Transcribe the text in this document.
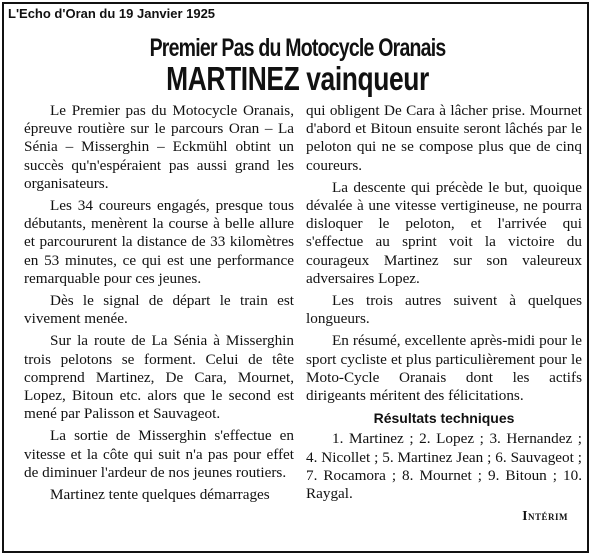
L'Echo d'Oran du 19 Janvier 1925
Premier Pas du Motocycle Oranais
MARTINEZ vainqueur

Le Premier pas du Motocycle Oranais, épreuve routière sur le parcours Oran – La Sénia – Misserghin – Eckmühl obtint un succès qu'n'espéraient pas aussi grand les organisateurs.

Les 34 coureurs engagés, presque tous débutants, menèrent la course à belle allure et parcoururent la distance de 33 kilomètres en 53 minutes, ce qui est une performance remarquable pour ces jeunes.

Dès le signal de départ le train est vivement menée.

Sur la route de La Sénia à Misserghin trois pelotons se forment. Celui de tête comprend Martinez, De Cara, Mournet, Lopez, Bitoun etc. alors que le second est mené par Palisson et Sauvageot.

La sortie de Misserghin s'effectue en vitesse et la côte qui suit n'a pas pour effet de diminuer l'ardeur de nos jeunes routiers.

Martinez tente quelques démarrages

qui obligent De Cara à lâcher prise. Mournet d'abord et Bitoun ensuite seront lâchés par le peloton qui ne se compose plus que de cinq coureurs.

La descente qui précède le but, quoique dévalée à une vitesse vertigineuse, ne pourra disloquer le peloton, et l'arrivée qui s'effectue au sprint voit la victoire du courageux Martinez sur son valeureux adversaires Lopez.

Les trois autres suivent à quelques longueurs.

En résumé, excellente après-midi pour le sport cycliste et plus particulièrement pour le Moto-Cycle Oranais dont les actifs dirigeants méritent des félicitations.

Résultats techniques

1. Martinez ; 2. Lopez ; 3. Hernandez ; 4. Nicollet ; 5. Martinez Jean ; 6. Sauvageot ; 7. Rocamora ; 8. Mournet ; 9. Bitoun ; 10. Raygal.

Intérim
